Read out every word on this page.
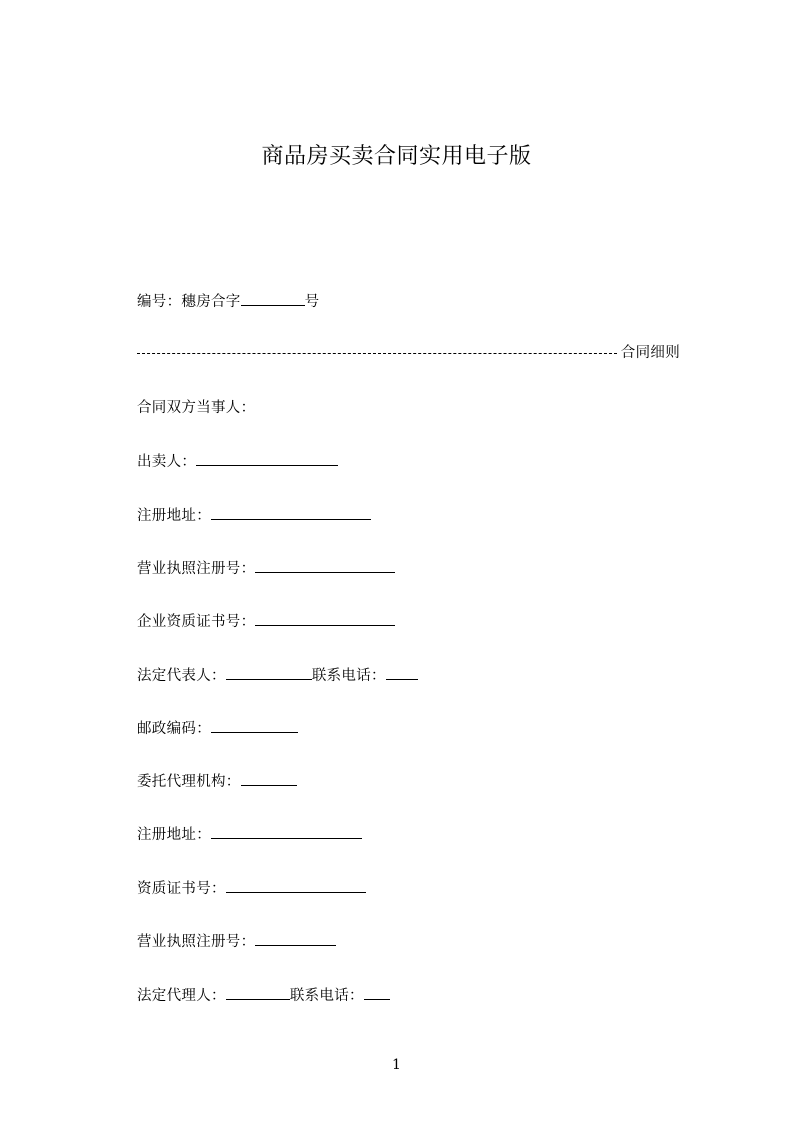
商品房买卖合同实用电子版
编号：穗房合字	号
合同细则
合同双方当事人：
出卖人：
注册地址：
营业执照注册号：
企业资质证书号：
法定代表人：	联系电话：
邮政编码：
委托代理机构：
注册地址：
资质证书号：
营业执照注册号：
法定代理人：	联系电话：
1
